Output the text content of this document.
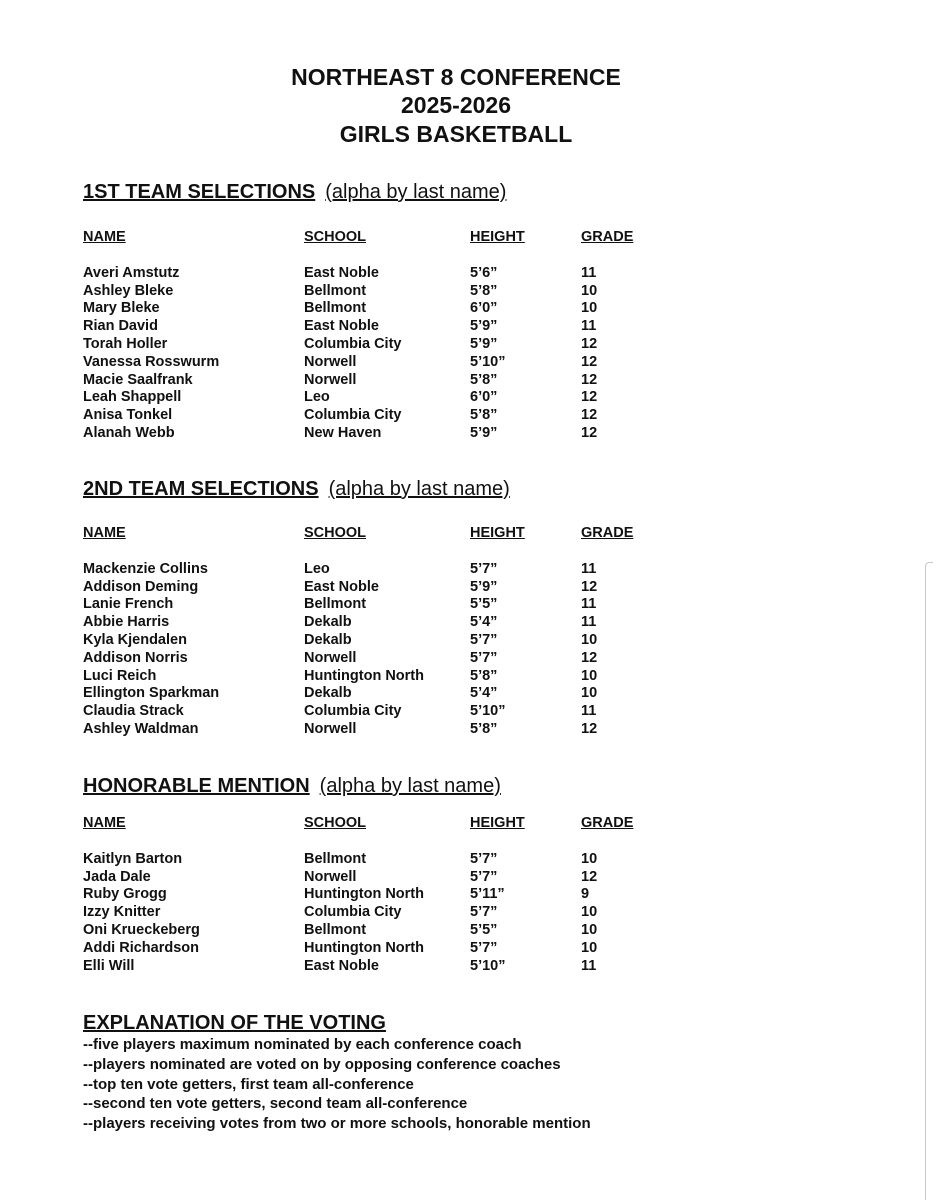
NORTHEAST 8 CONFERENCE
2025-2026
GIRLS BASKETBALL
1ST TEAM SELECTIONS (alpha by last name)
NAME	SCHOOL	HEIGHT	GRADE
Averi Amstutz	East Noble	5’6”	11
Ashley Bleke	Bellmont	5’8”	10
Mary Bleke	Bellmont	6’0”	10
Rian David	East Noble	5’9”	11
Torah Holler	Columbia City	5’9”	12
Vanessa Rosswurm	Norwell	5’10”	12
Macie Saalfrank	Norwell	5’8”	12
Leah Shappell	Leo	6’0”	12
Anisa Tonkel	Columbia City	5’8”	12
Alanah Webb	New Haven	5’9”	12
2ND TEAM SELECTIONS (alpha by last name)
NAME	SCHOOL	HEIGHT	GRADE
Mackenzie Collins	Leo	5’7”	11
Addison Deming	East Noble	5’9”	12
Lanie French	Bellmont	5’5”	11
Abbie Harris	Dekalb	5’4”	11
Kyla Kjendalen	Dekalb	5’7”	10
Addison Norris	Norwell	5’7”	12
Luci Reich	Huntington North	5’8”	10
Ellington Sparkman	Dekalb	5’4”	10
Claudia Strack	Columbia City	5’10”	11
Ashley Waldman	Norwell	5’8”	12
HONORABLE MENTION (alpha by last name)
NAME	SCHOOL	HEIGHT	GRADE
Kaitlyn Barton	Bellmont	5’7”	10
Jada Dale	Norwell	5’7”	12
Ruby Grogg	Huntington North	5’11”	9
Izzy Knitter	Columbia City	5’7”	10
Oni Krueckeberg	Bellmont	5’5”	10
Addi Richardson	Huntington North	5’7”	10
Elli Will	East Noble	5’10”	11
EXPLANATION OF THE VOTING
--five players maximum nominated by each conference coach
--players nominated are voted on by opposing conference coaches
--top ten vote getters, first team all-conference
--second ten vote getters, second team all-conference
--players receiving votes from two or more schools, honorable mention
